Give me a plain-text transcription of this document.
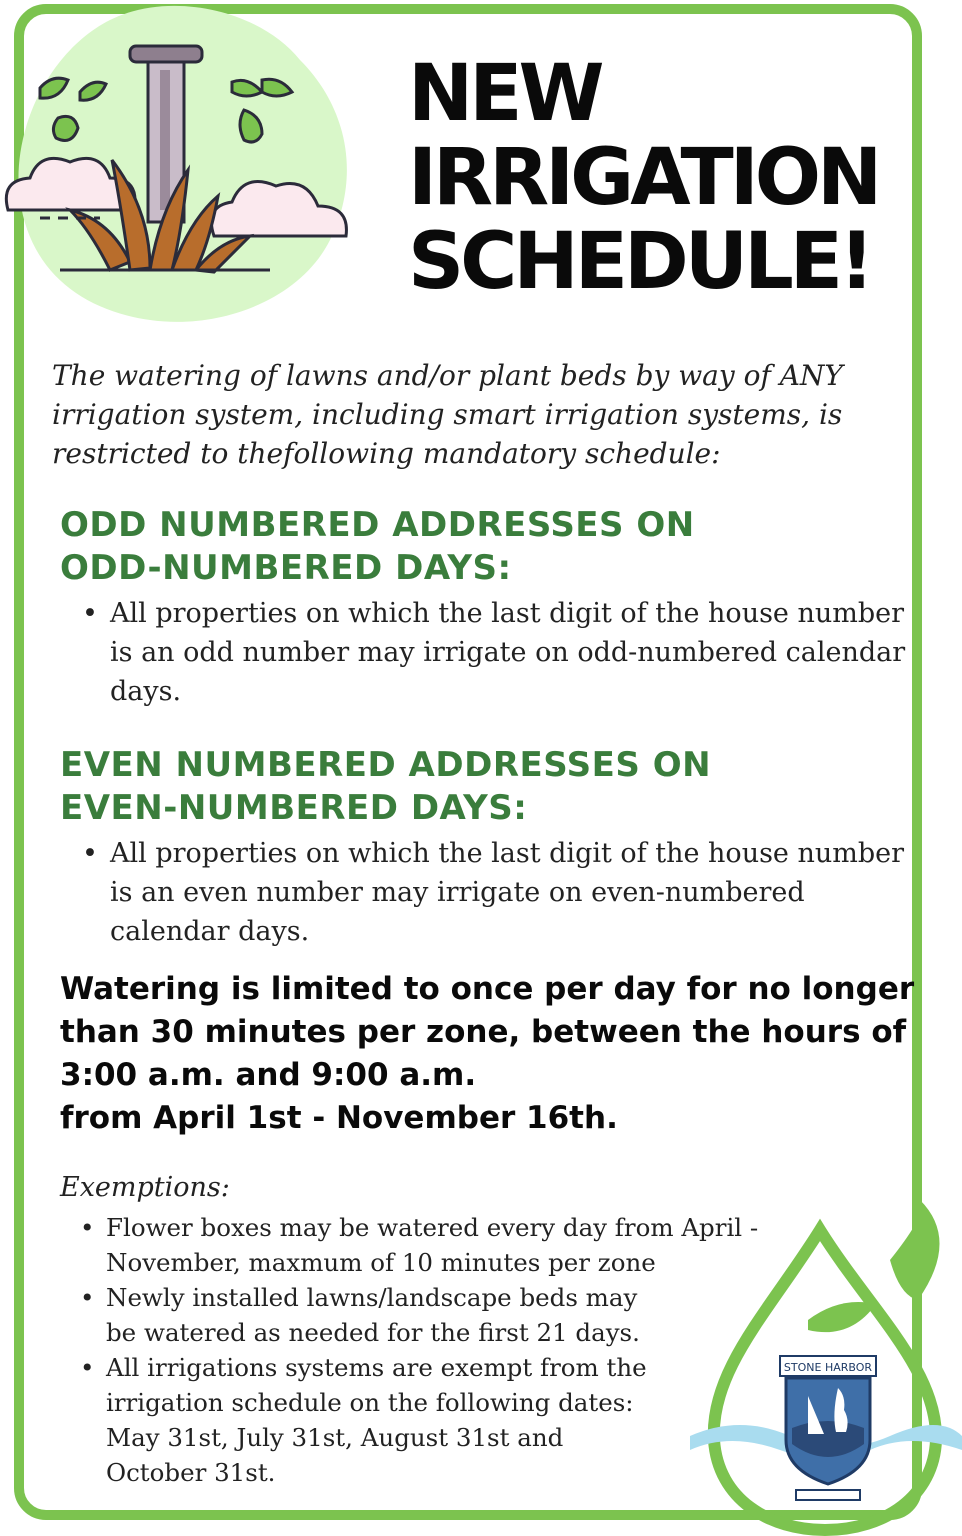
NEW
IRRIGATION
SCHEDULE!
The watering of lawns and/or plant beds by way of ANY irrigation system, including smart irrigation systems, is restricted to thefollowing mandatory schedule:
ODD NUMBERED ADDRESSES ON
ODD-NUMBERED DAYS:
• All properties on which the last digit of the house number is an odd number may irrigate on odd-numbered calendar days.
EVEN NUMBERED ADDRESSES ON
EVEN-NUMBERED DAYS:
• All properties on which the last digit of the house number is an even number may irrigate on even-numbered calendar days.
Watering is limited to once per day for no longer than 30 minutes per zone, between the hours of 3:00 a.m. and 9:00 a.m.
from April 1st - November 16th.
Exemptions:
• Flower boxes may be watered every day from April - November, maxmum of 10 minutes per zone
• Newly installed lawns/landscape beds may be watered as needed for the first 21 days.
• All irrigations systems are exempt from the irrigation schedule on the following dates: May 31st, July 31st, August 31st and October 31st.
STONE HARBOR
